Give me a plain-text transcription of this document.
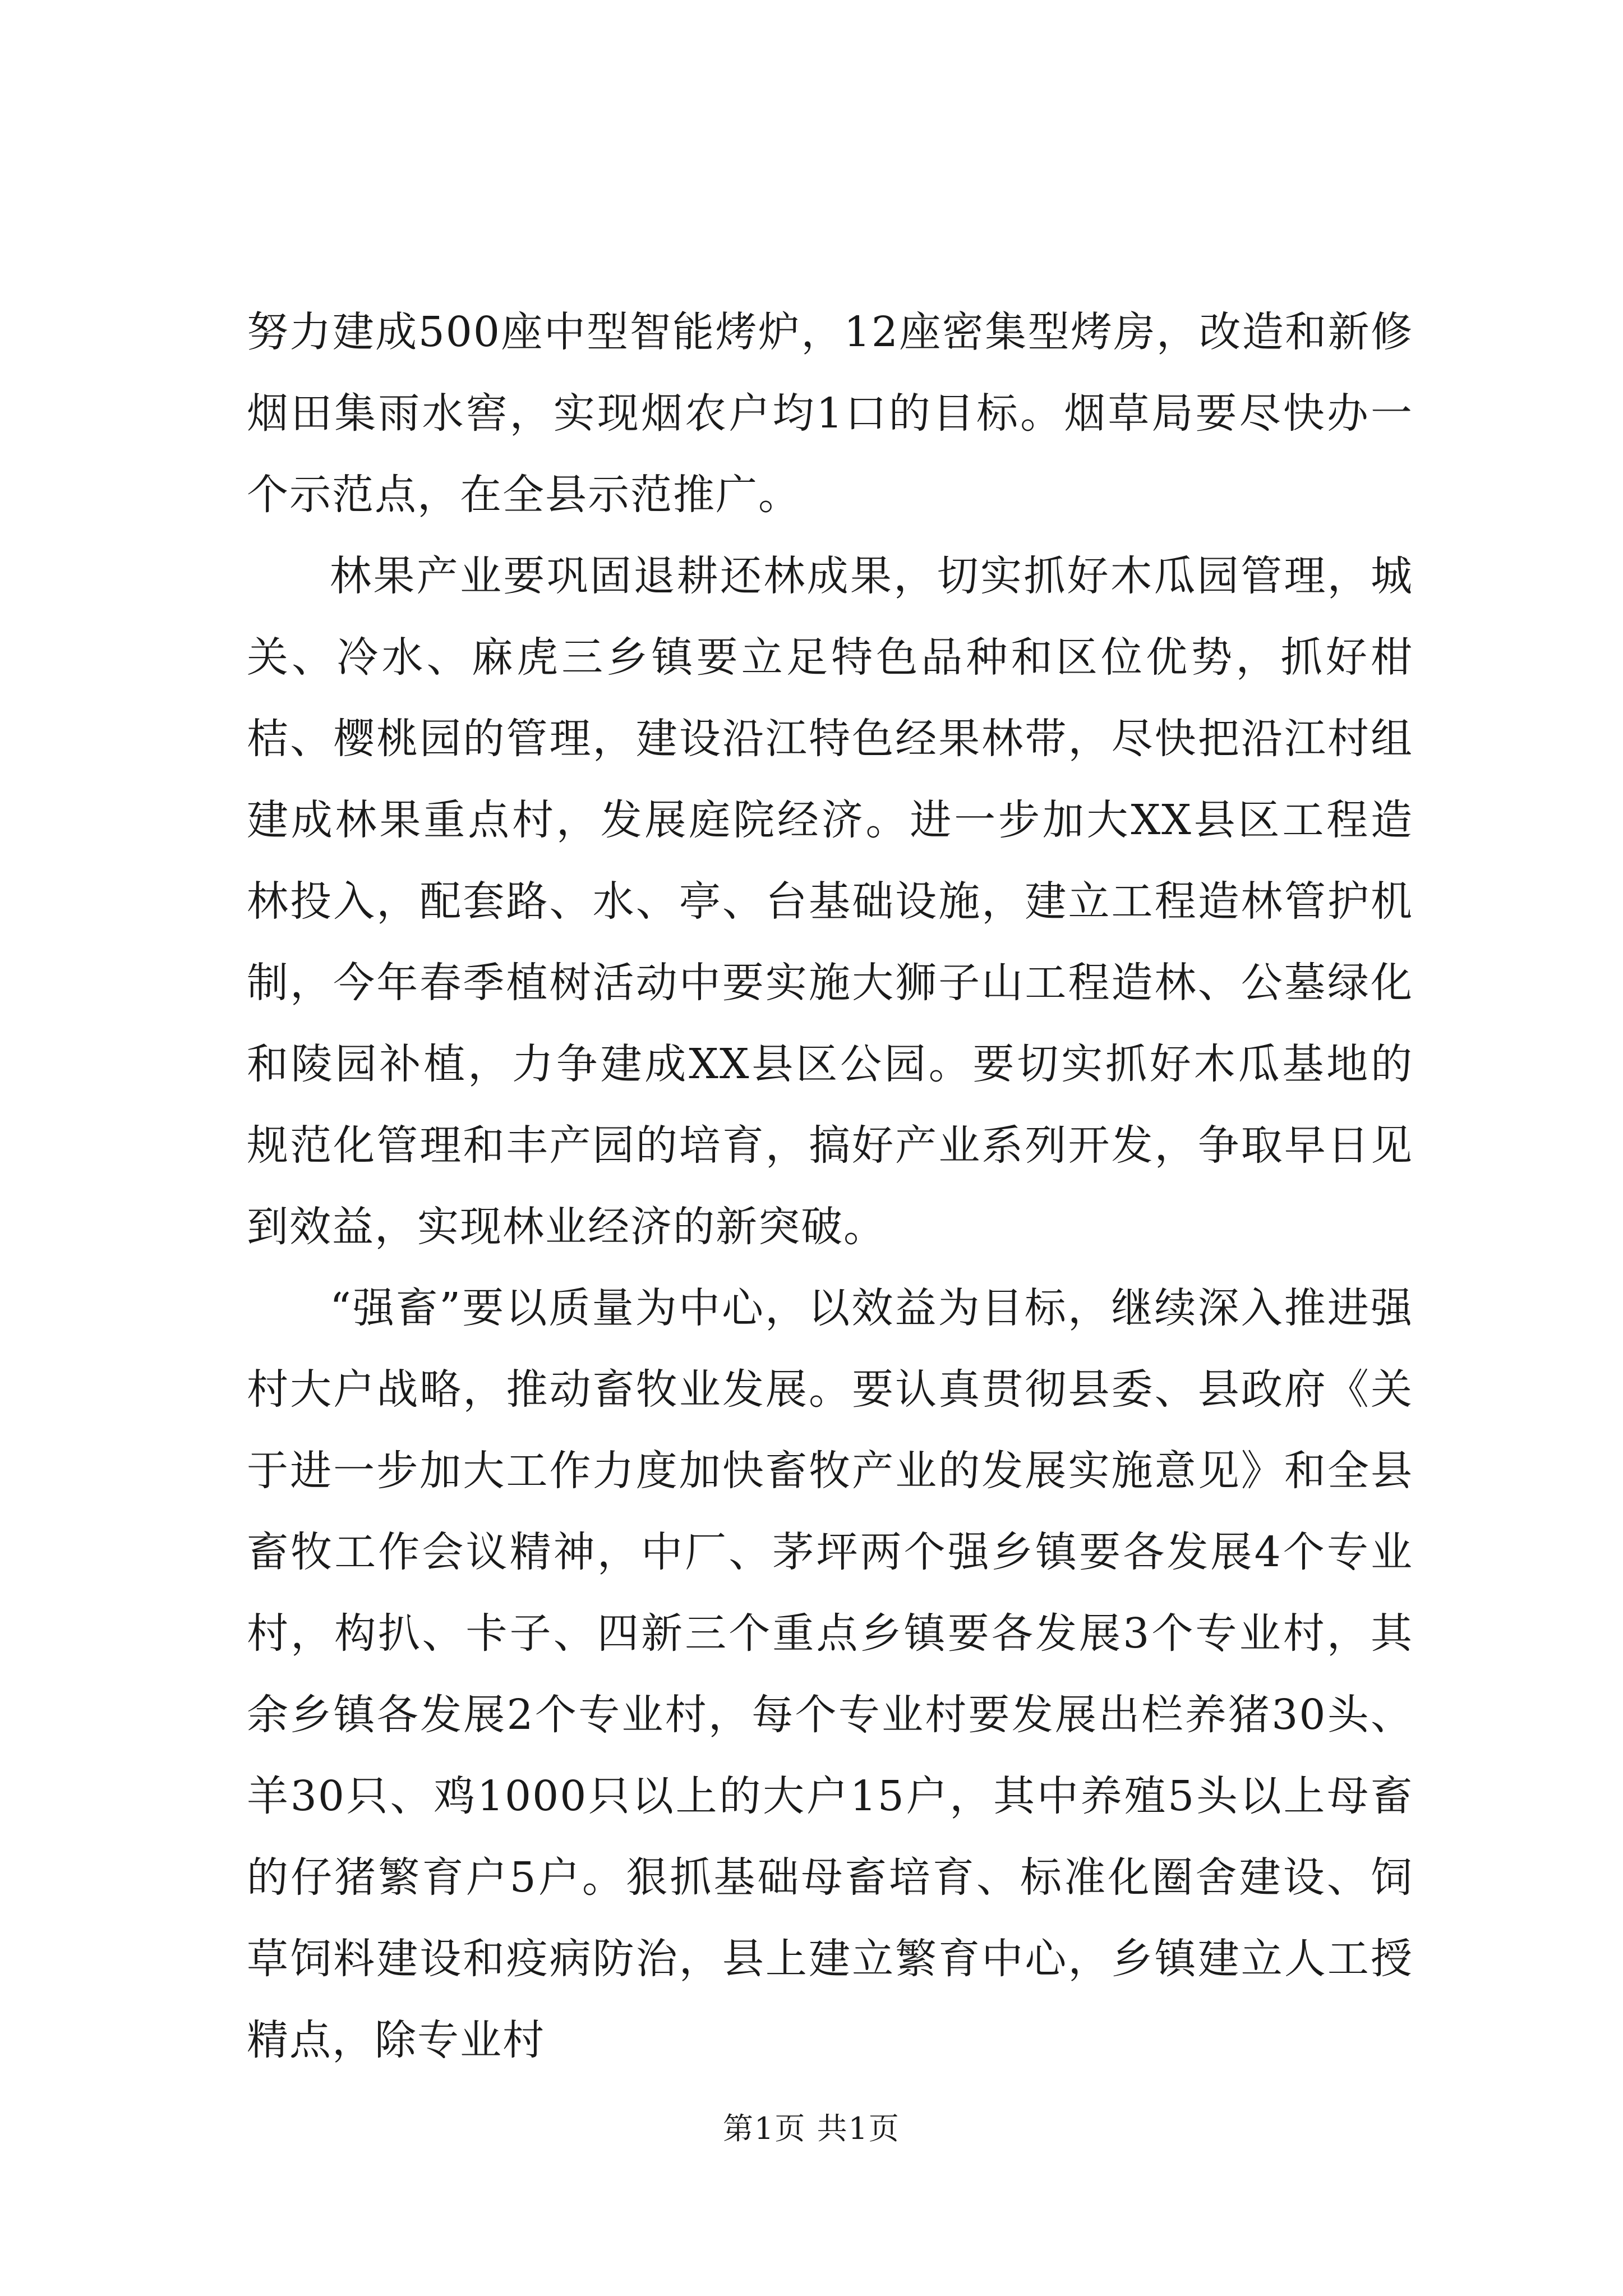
努力建成500座中型智能烤炉，12座密集型烤房，改造和新修烟田集雨水窖，实现烟农户均1口的目标。烟草局要尽快办一个示范点，在全县示范推广。

林果产业要巩固退耕还林成果，切实抓好木瓜园管理，城关、冷水、麻虎三乡镇要立足特色品种和区位优势，抓好柑桔、樱桃园的管理，建设沿江特色经果林带，尽快把沿江村组建成林果重点村，发展庭院经济。进一步加大XX县区工程造林投入，配套路、水、亭、台基础设施，建立工程造林管护机制，今年春季植树活动中要实施大狮子山工程造林、公墓绿化和陵园补植，力争建成XX县区公园。要切实抓好木瓜基地的规范化管理和丰产园的培育，搞好产业系列开发，争取早日见到效益，实现林业经济的新突破。

“强畜”要以质量为中心，以效益为目标，继续深入推进强村大户战略，推动畜牧业发展。要认真贯彻县委、县政府《关于进一步加大工作力度加快畜牧产业的发展实施意见》和全县畜牧工作会议精神，中厂、茅坪两个强乡镇要各发展4个专业村，构扒、卡子、四新三个重点乡镇要各发展3个专业村，其余乡镇各发展2个专业村，每个专业村要发展出栏养猪30头、羊30只、鸡1000只以上的大户15户，其中养殖5头以上母畜的仔猪繁育户5户。狠抓基础母畜培育、标准化圈舍建设、饲草饲料建设和疫病防治，县上建立繁育中心，乡镇建立人工授精点，除专业村

第1页 共1页
